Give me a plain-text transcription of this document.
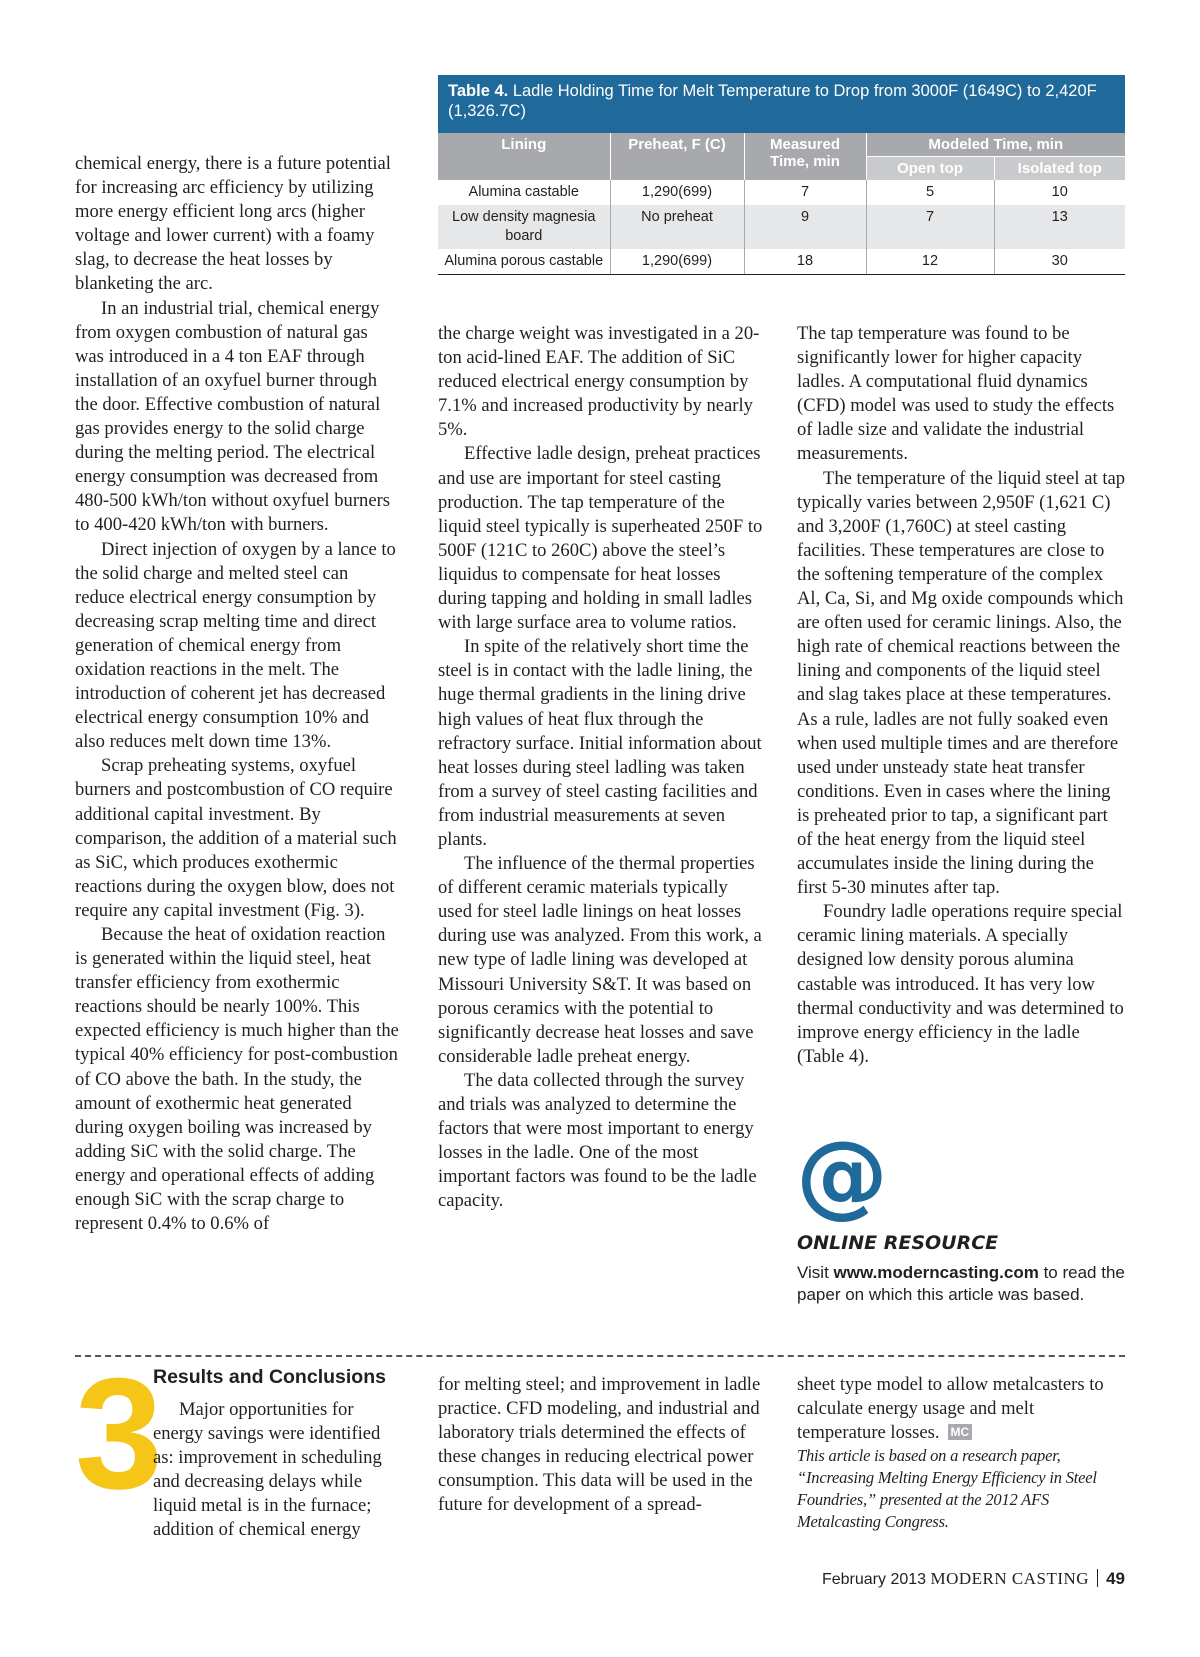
Table 4. Ladle Holding Time for Melt Temperature to Drop from 3000F (1649C) to 2,420F (1,326.7C)
Lining	Preheat, F (C)	Measured Time, min	Modeled Time, min	
			Open top	Isolated top
Alumina castable	1,290(699)	7	5	10
Low density magnesia board	No preheat	9	7	13
Alumina porous castable	1,290(699)	18	12	30

chemical energy, there is a future potential for increasing arc efficiency by utilizing more energy efficient long arcs (higher voltage and lower current) with a foamy slag, to decrease the heat losses by blanketing the arc.

In an industrial trial, chemical energy from oxygen combustion of natural gas was introduced in a 4 ton EAF through installation of an oxyfuel burner through the door. Effective combustion of natural gas provides energy to the solid charge during the melting period. The electrical energy consumption was decreased from 480-500 kWh/ton without oxyfuel burners to 400-420 kWh/ton with burners.

Direct injection of oxygen by a lance to the solid charge and melted steel can reduce electrical energy consumption by decreasing scrap melting time and direct generation of chemical energy from oxidation reactions in the melt. The introduction of coherent jet has decreased electrical energy consumption 10% and also reduces melt down time 13%.

Scrap preheating systems, oxyfuel burners and postcombustion of CO require additional capital investment. By comparison, the addition of a material such as SiC, which produces exothermic reactions during the oxygen blow, does not require any capital investment (Fig. 3).

Because the heat of oxidation reaction is generated within the liquid steel, heat transfer efficiency from exothermic reactions should be nearly 100%. This expected efficiency is much higher than the typical 40% efficiency for post-combustion of CO above the bath. In the study, the amount of exothermic heat generated during oxygen boiling was increased by adding SiC with the solid charge. The energy and operational effects of adding enough SiC with the scrap charge to represent 0.4% to 0.6% of

the charge weight was investigated in a 20-ton acid-lined EAF. The addition of SiC reduced electrical energy consumption by 7.1% and increased productivity by nearly 5%.

Effective ladle design, preheat practices and use are important for steel casting production. The tap temperature of the liquid steel typically is superheated 250F to 500F (121C to 260C) above the steel’s liquidus to compensate for heat losses during tapping and holding in small ladles with large surface area to volume ratios.

In spite of the relatively short time the steel is in contact with the ladle lining, the huge thermal gradients in the lining drive high values of heat flux through the refractory surface. Initial information about heat losses during steel ladling was taken from a survey of steel casting facilities and from industrial measurements at seven plants.

The influence of the thermal properties of different ceramic materials typically used for steel ladle linings on heat losses during use was analyzed. From this work, a new type of ladle lining was developed at Missouri University S&T. It was based on porous ceramics with the potential to significantly decrease heat losses and save considerable ladle preheat energy.

The data collected through the survey and trials was analyzed to determine the factors that were most important to energy losses in the ladle. One of the most important factors was found to be the ladle capacity.

The tap temperature was found to be significantly lower for higher capacity ladles. A computational fluid dynamics (CFD) model was used to study the effects of ladle size and validate the industrial measurements.

The temperature of the liquid steel at tap typically varies between 2,950F (1,621 C) and 3,200F (1,760C) at steel casting facilities. These temperatures are close to the softening temperature of the complex Al, Ca, Si, and Mg oxide compounds which are often used for ceramic linings. Also, the high rate of chemical reactions between the lining and components of the liquid steel and slag takes place at these temperatures. As a rule, ladles are not fully soaked even when used multiple times and are therefore used under unsteady state heat transfer conditions. Even in cases where the lining is preheated prior to tap, a significant part of the heat energy from the liquid steel accumulates inside the lining during the first 5-30 minutes after tap.

Foundry ladle operations require special ceramic lining materials. A specially designed low density porous alumina castable was introduced. It has very low thermal conductivity and was determined to improve energy efficiency in the ladle (Table 4).

@
ONLINE RESOURCE
Visit www.moderncasting.com to read the paper on which this article was based.
3
Results and Conclusions

Major opportunities for energy savings were identified as: improvement in scheduling and decreasing delays while liquid metal is in the furnace; addition of chemical energy

for melting steel; and improvement in ladle practice. CFD modeling, and industrial and laboratory trials determined the effects of these changes in reducing electrical power consumption. This data will be used in the future for development of a spread-

sheet type model to allow metalcasters to calculate energy usage and melt temperature losses. MC

This article is based on a research paper, “Increasing Melting Energy Efficiency in Steel Foundries,” presented at the 2012 AFS Metalcasting Congress.

February 2013 MODERN CASTING 49
